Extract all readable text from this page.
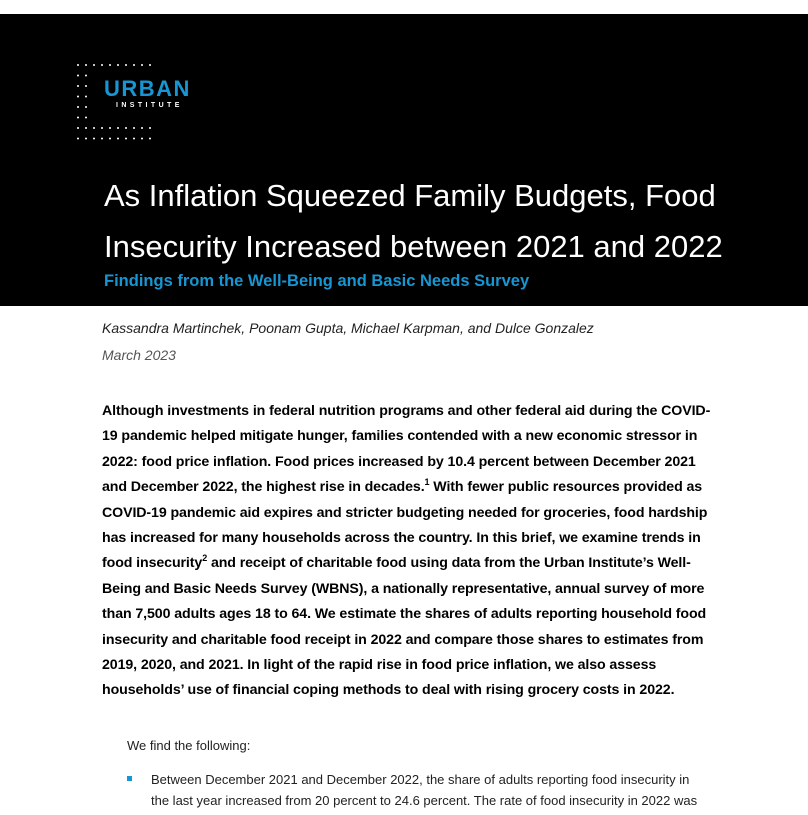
URBAN
INSTITUTE
As Inflation Squeezed Family Budgets, Food
Insecurity Increased between 2021 and 2022
Findings from the Well-Being and Basic Needs Survey
Kassandra Martinchek, Poonam Gupta, Michael Karpman, and Dulce Gonzalez
March 2023

Although investments in federal nutrition programs and other federal aid during the COVID-19 pandemic helped mitigate hunger, families contended with a new economic stressor in 2022: food price inflation. Food prices increased by 10.4 percent between December 2021 and December 2022, the highest rise in decades.$^1$ With fewer public resources provided as COVID-19 pandemic aid expires and stricter budgeting needed for groceries, food hardship has increased for many households across the country. In this brief, we examine trends in food insecurity$^2$ and receipt of charitable food using data from the Urban Institute’s Well-Being and Basic Needs Survey (WBNS), a nationally representative, annual survey of more than 7,500 adults ages 18 to 64. We estimate the shares of adults reporting household food insecurity and charitable food receipt in 2022 and compare those shares to estimates from 2019, 2020, and 2021. In light of the rapid rise in food price inflation, we also assess households’ use of financial coping methods to deal with rising grocery costs in 2022.

We find the following:

Between December 2021 and December 2022, the share of adults reporting food insecurity in the last year increased from 20 percent to 24.6 percent. The rate of food insecurity in 2022 was
